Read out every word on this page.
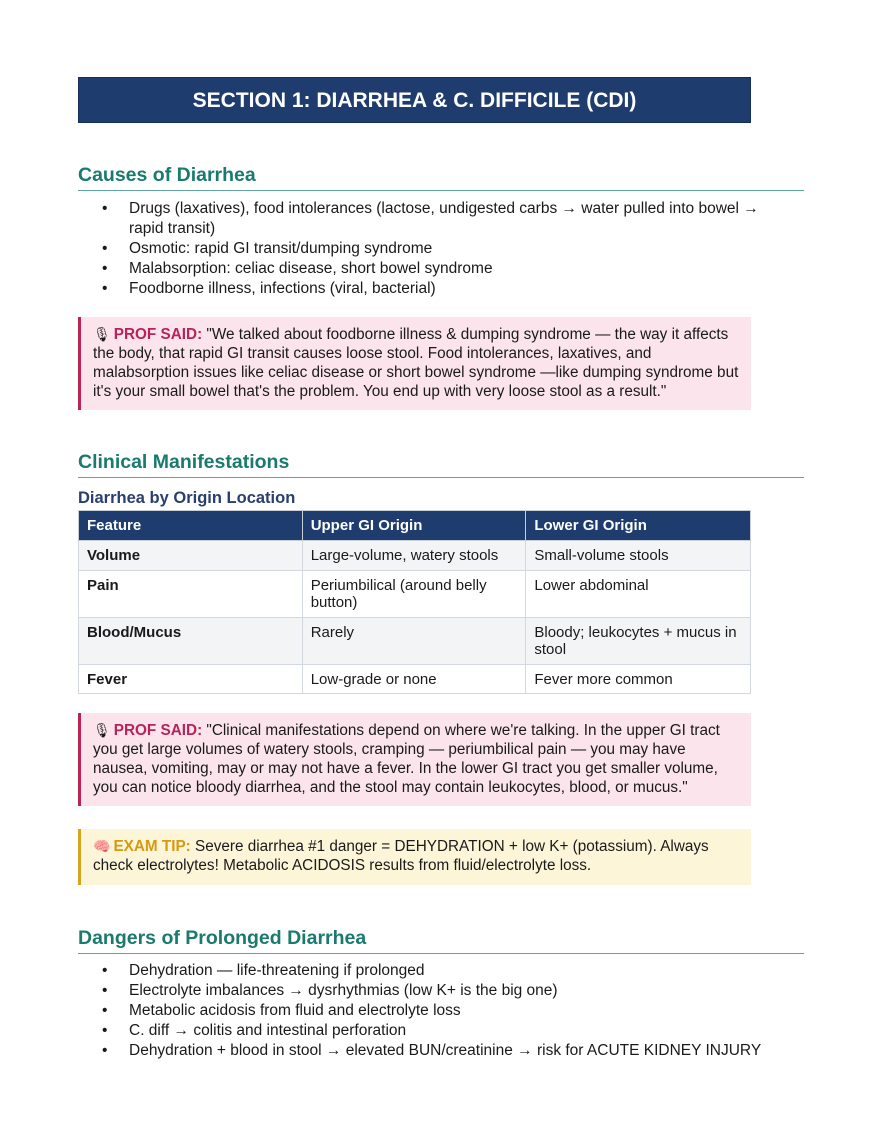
SECTION 1: DIARRHEA & C. DIFFICILE (CDI)
Causes of Diarrhea
• Drugs (laxatives), food intolerances (lactose, undigested carbs → water pulled into bowel → rapid transit)
• Osmotic: rapid GI transit/dumping syndrome
• Malabsorption: celiac disease, short bowel syndrome
• Foodborne illness, infections (viral, bacterial)
🎙 PROF SAID: "We talked about foodborne illness & dumping syndrome — the way it affects the body, that rapid GI transit causes loose stool. Food intolerances, laxatives, and malabsorption issues like celiac disease or short bowel syndrome —like dumping syndrome but it's your small bowel that's the problem. You end up with very loose stool as a result."
Clinical Manifestations
Diarrhea by Origin Location
Feature	Upper GI Origin	Lower GI Origin
Volume	Large-volume, watery stools	Small-volume stools
Pain	Periumbilical (around belly button)	Lower abdominal
Blood/Mucus	Rarely	Bloody; leukocytes + mucus in stool
Fever	Low-grade or none	Fever more common
🎙 PROF SAID: "Clinical manifestations depend on where we're talking. In the upper GI tract you get large volumes of watery stools, cramping — periumbilical pain — you may have nausea, vomiting, may or may not have a fever. In the lower GI tract you get smaller volume, you can notice bloody diarrhea, and the stool may contain leukocytes, blood, or mucus."
🧠 EXAM TIP: Severe diarrhea #1 danger = DEHYDRATION + low K+ (potassium). Always check electrolytes! Metabolic ACIDOSIS results from fluid/electrolyte loss.
Dangers of Prolonged Diarrhea
• Dehydration — life-threatening if prolonged
• Electrolyte imbalances → dysrhythmias (low K+ is the big one)
• Metabolic acidosis from fluid and electrolyte loss
• C. diff → colitis and intestinal perforation
• Dehydration + blood in stool → elevated BUN/creatinine → risk for ACUTE KIDNEY INJURY
